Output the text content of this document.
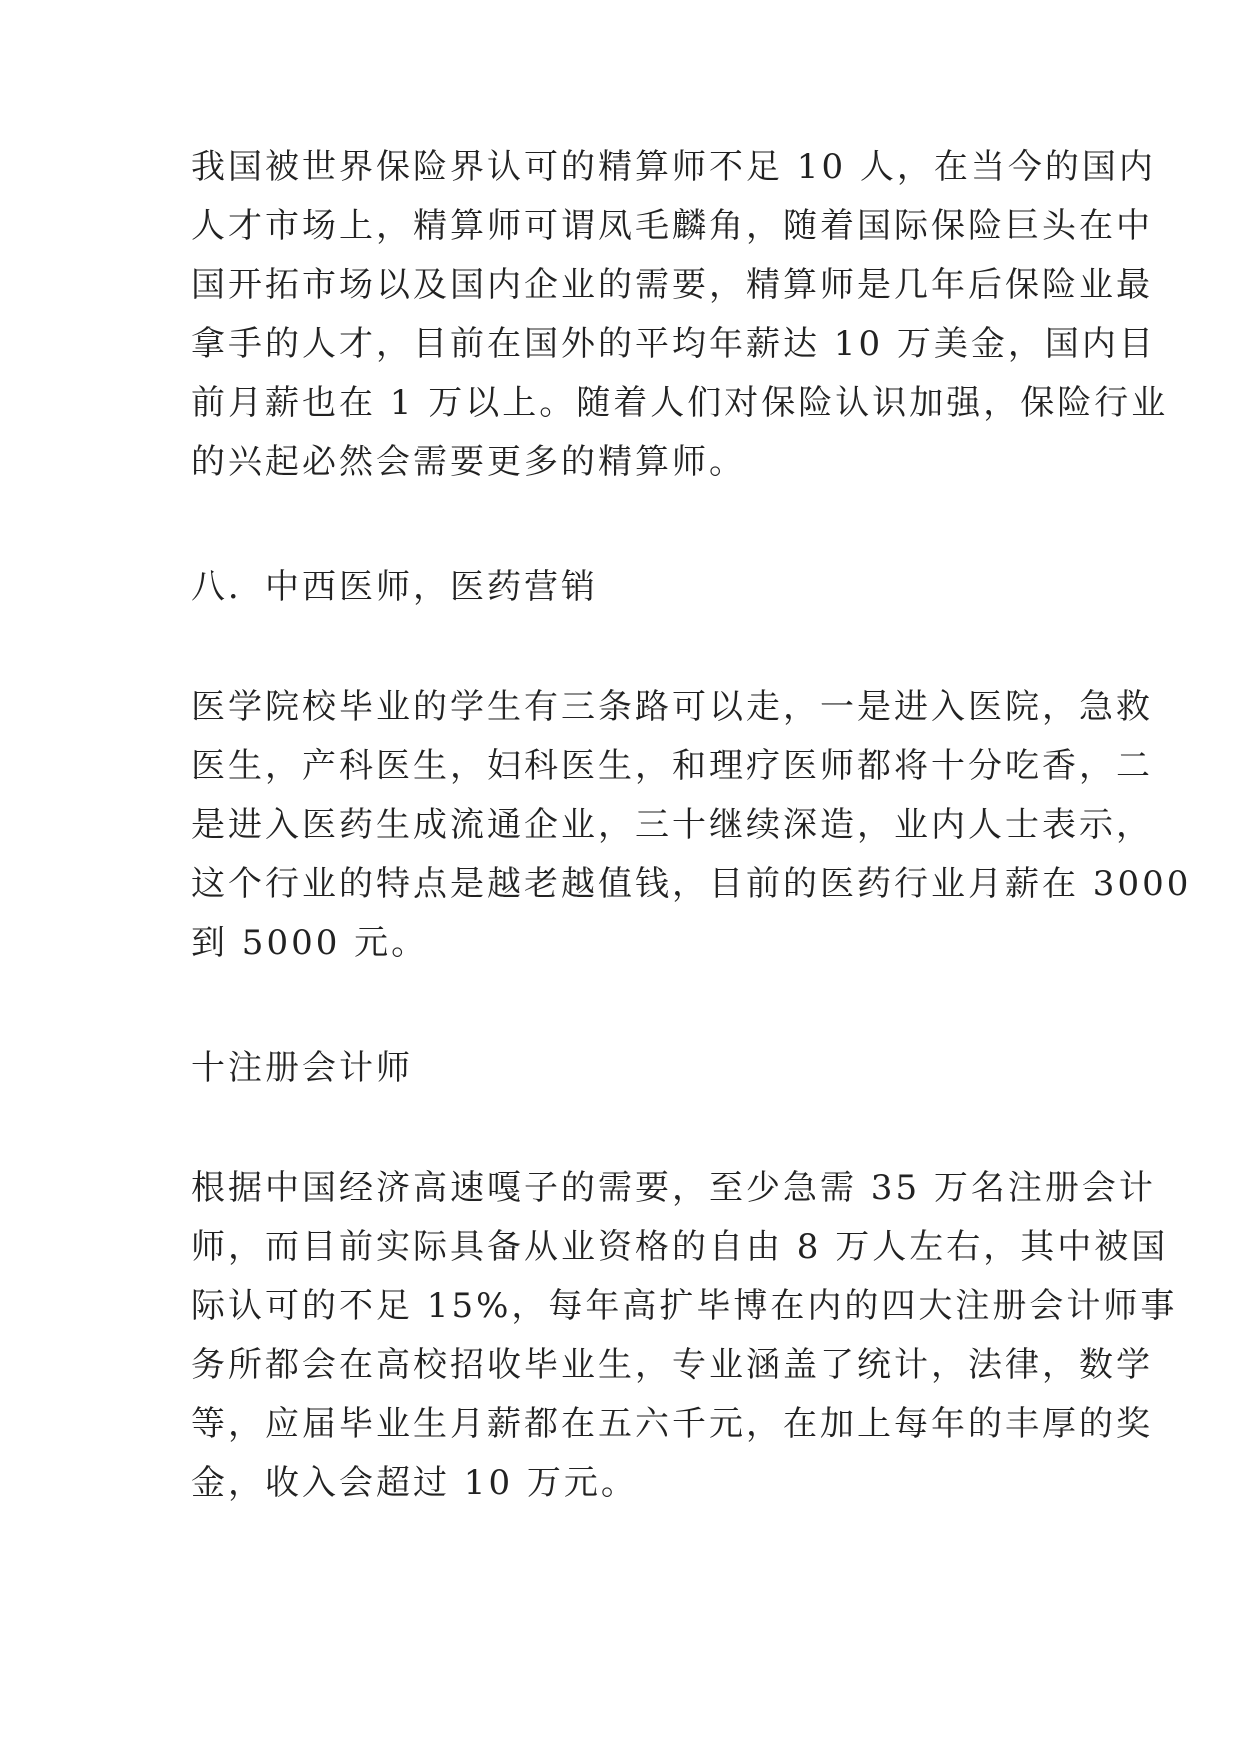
我国被世界保险界认可的精算师不足 10 人，在当今的国内
人才市场上，精算师可谓凤毛麟角，随着国际保险巨头在中
国开拓市场以及国内企业的需要，精算师是几年后保险业最
拿手的人才，目前在国外的平均年薪达 10 万美金，国内目
前月薪也在 1 万以上。随着人们对保险认识加强，保险行业
的兴起必然会需要更多的精算师。
八．中西医师，医药营销
医学院校毕业的学生有三条路可以走，一是进入医院，急救
医生，产科医生，妇科医生，和理疗医师都将十分吃香，二
是进入医药生成流通企业，三十继续深造，业内人士表示，
这个行业的特点是越老越值钱，目前的医药行业月薪在 3000
到 5000 元。
十注册会计师
根据中国经济高速嘎子的需要，至少急需 35 万名注册会计
师，而目前实际具备从业资格的自由 8 万人左右，其中被国
际认可的不足 15%，每年高扩毕博在内的四大注册会计师事
务所都会在高校招收毕业生，专业涵盖了统计，法律，数学
等，应届毕业生月薪都在五六千元，在加上每年的丰厚的奖
金，收入会超过 10 万元。
